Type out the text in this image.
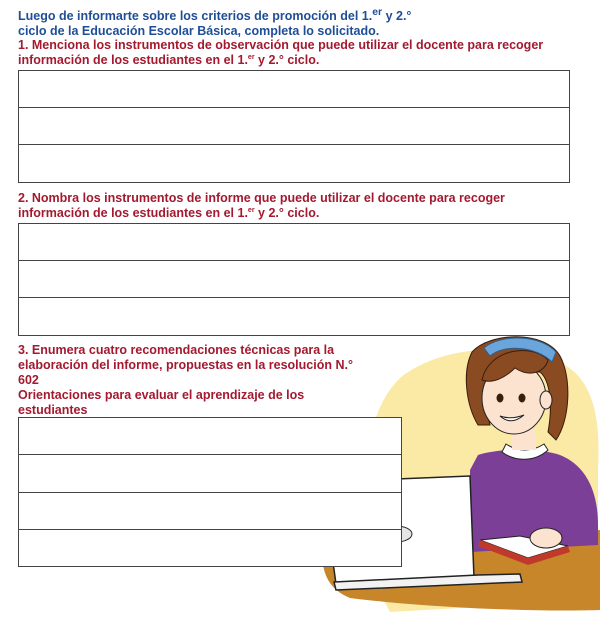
Luego de informarte sobre los criterios de promoción del 1.$^{er}$ y 2.°
ciclo de la Educación Escolar Básica, completa lo solicitado.

1. Menciona los instrumentos de observación que puede utilizar el docente para recoger información de los estudiantes en el 1.$^{er}$ y 2.° ciclo.

2. Nombra los instrumentos de informe que puede utilizar el docente para recoger información de los estudiantes en el 1.$^{er}$ y 2.° ciclo.

3. Enumera cuatro recomendaciones técnicas para la
elaboración del informe, propuestas en la resolución N.° 602
Orientaciones para evaluar el aprendizaje de los estudiantes
